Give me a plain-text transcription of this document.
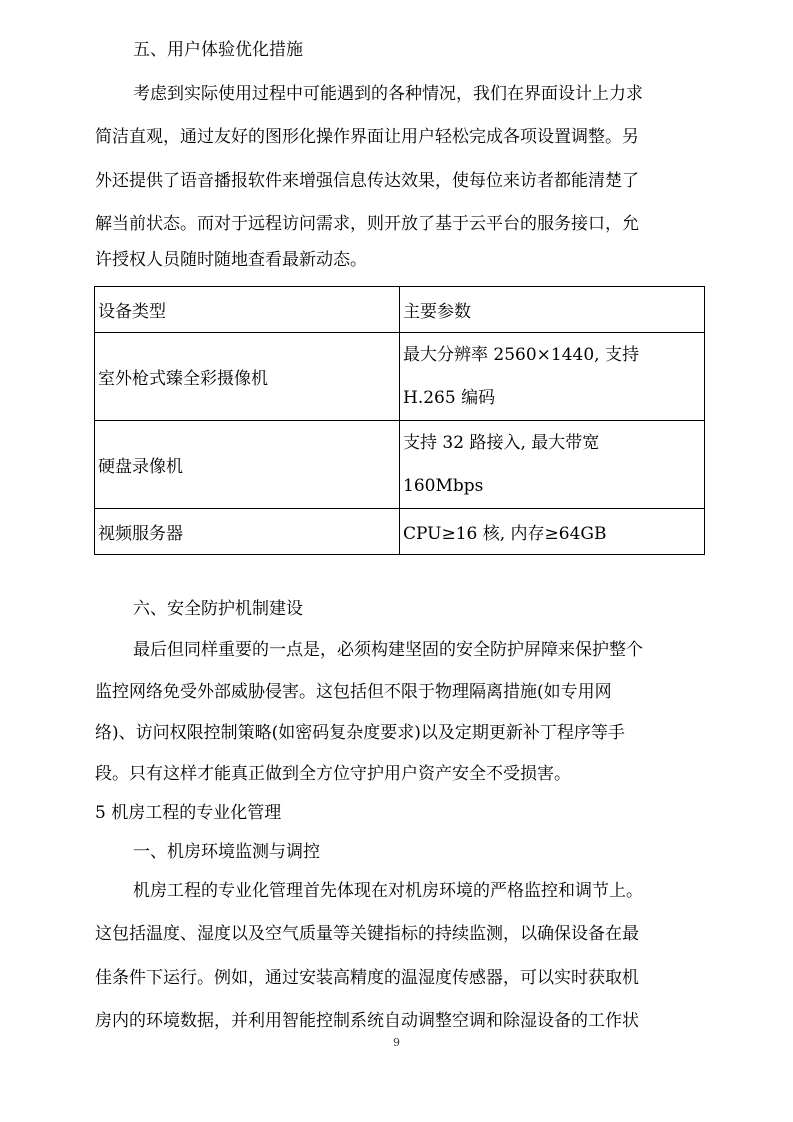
五、用户体验优化措施
考虑到实际使用过程中可能遇到的各种情况，我们在界面设计上力求
简洁直观，通过友好的图形化操作界面让用户轻松完成各项设置调整。另
外还提供了语音播报软件来增强信息传达效果，使每位来访者都能清楚了
解当前状态。而对于远程访问需求，则开放了基于云平台的服务接口，允
许授权人员随时随地查看最新动态。
设备类型	主要参数
室外枪式臻全彩摄像机	最大分辨率 2560×1440, 支持
H.265 编码

硬盘录像机	支持 32 路接入, 最大带宽
160Mbps

视频服务器	CPU≥16 核, 内存≥64GB
六、安全防护机制建设
最后但同样重要的一点是，必须构建坚固的安全防护屏障来保护整个
监控网络免受外部威胁侵害。这包括但不限于物理隔离措施(如专用网
络)、访问权限控制策略(如密码复杂度要求)以及定期更新补丁程序等手
段。只有这样才能真正做到全方位守护用户资产安全不受损害。
5 机房工程的专业化管理
一、机房环境监测与调控
机房工程的专业化管理首先体现在对机房环境的严格监控和调节上。
这包括温度、湿度以及空气质量等关键指标的持续监测，以确保设备在最
佳条件下运行。例如，通过安装高精度的温湿度传感器，可以实时获取机
房内的环境数据，并利用智能控制系统自动调整空调和除湿设备的工作状
9
